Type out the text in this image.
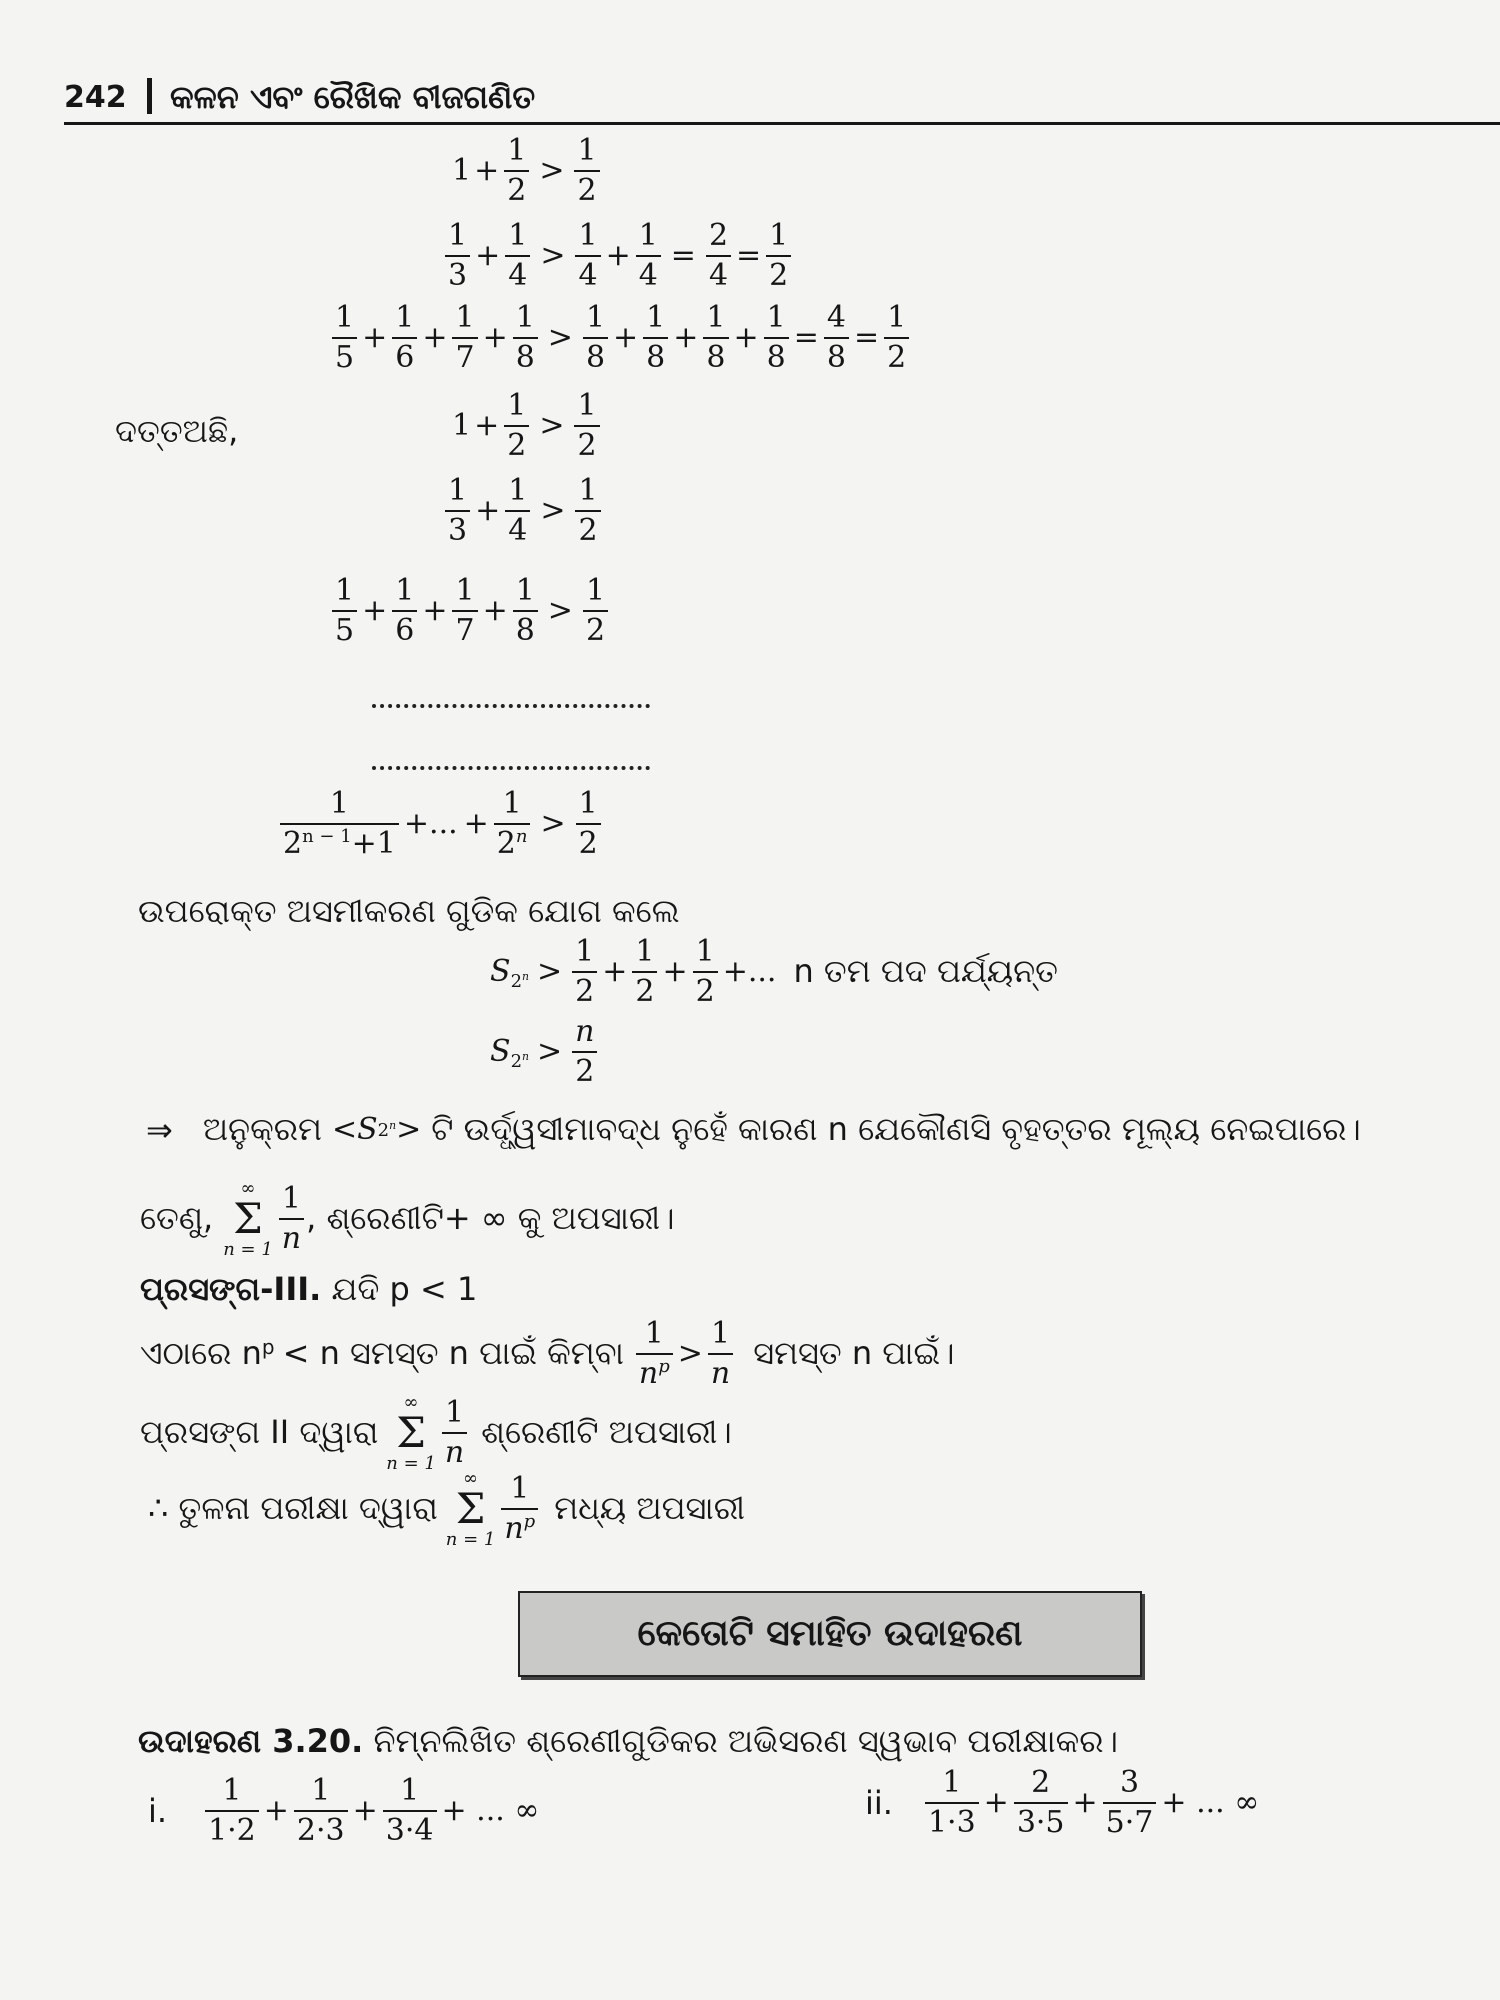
242 କଳନ ଏବଂ ରୈଖିକ ବୀଜଗଣିତ
$1 + \frac{1}{2}$ >
1
2
1
3
+ $\frac{1}{4}$ >
1
4
+ $\frac{1}{4} = \frac{2}{4} = \frac{1}{2}$
1
5
+ $\frac{1}{6} + \frac{1}{7} + \frac{1}{8}$ >
1
8
+ $\frac{1}{8} + \frac{1}{8} + \frac{1}{8} = \frac{4}{8} = \frac{1}{2}$
ଦତ୍ତଅଛି,	$1 + \frac{1}{2}$ >
1
2
1
3
+ $\frac{1}{4}$ >
1
2
1
5
+ $\frac{1}{6} + \frac{1}{7} + \frac{1}{8}$ >
1
2
1
$2^{n - 1}+1$
+... + $\frac{1}{2^n}$ >
1
2
ଉପରୋକ୍ତ ଅସମୀକରଣ ଗୁଡିକ ଯୋଗ କଲେ
S $_{2^n}$ >
1
2
+ $\frac{1}{2} + \frac{1}{2}$ +... n ତମ ପଦ ପର୍ଯ୍ୟନ୍ତ
S $_{2^n}$ >
n
2
⇒ ଅନୁକ୍ରମ < S $2^n$ > ଟି ଉର୍ଦ୍ଧ୍ୱସୀମାବଦ୍ଧ ନୁହେଁ କାରଣ n ଯେକୌଣସି ବୃହତ୍ତର ମୂଲ୍ୟ ନେଇପାରେ।
ତେଣୁ,
∞
Σ
n = 1
1
n
, ଶ୍ରେଣୀଟି+ ∞ କୁ ଅପସାରୀ।
ପ୍ରସଙ୍ଗ-III. ଯଦି p < 1
ଏଠାରେ $n^p < n$ ସମସ୍ତ n ପାଇଁ କିମ୍ବା
1
$n^p$ >
1
n
ସମସ୍ତ n ପାଇଁ।
ପ୍ରସଙ୍ଗ II ଦ୍ୱାରା
∞
Σ
n = 1
1
n
ଶ୍ରେଣୀଟି ଅପସାରୀ।
∴ ତୁଳନା ପରୀକ୍ଷା ଦ୍ୱାରା
∞
Σ
n = 1
1
$n^p$ ମଧ୍ୟ ଅପସାରୀ
କେତୋଟି ସମାହିତ ଉଦାହରଣ
ଉଦାହରଣ 3.20. ନିମ୍ନଲିଖିତ ଶ୍ରେଣୀଗୁଡିକର ଅଭିସରଣ ସ୍ୱଭାବ ପରୀକ୍ଷାକର।
i.
1
1·2
+ $\frac{1}{2\cdot 3} + \frac{1}{3\cdot 4}$ + ... ∞	ii.
1
1·3
+ $\frac{2}{3\cdot 5} + \frac{3}{5\cdot 7}$ + ... ∞
